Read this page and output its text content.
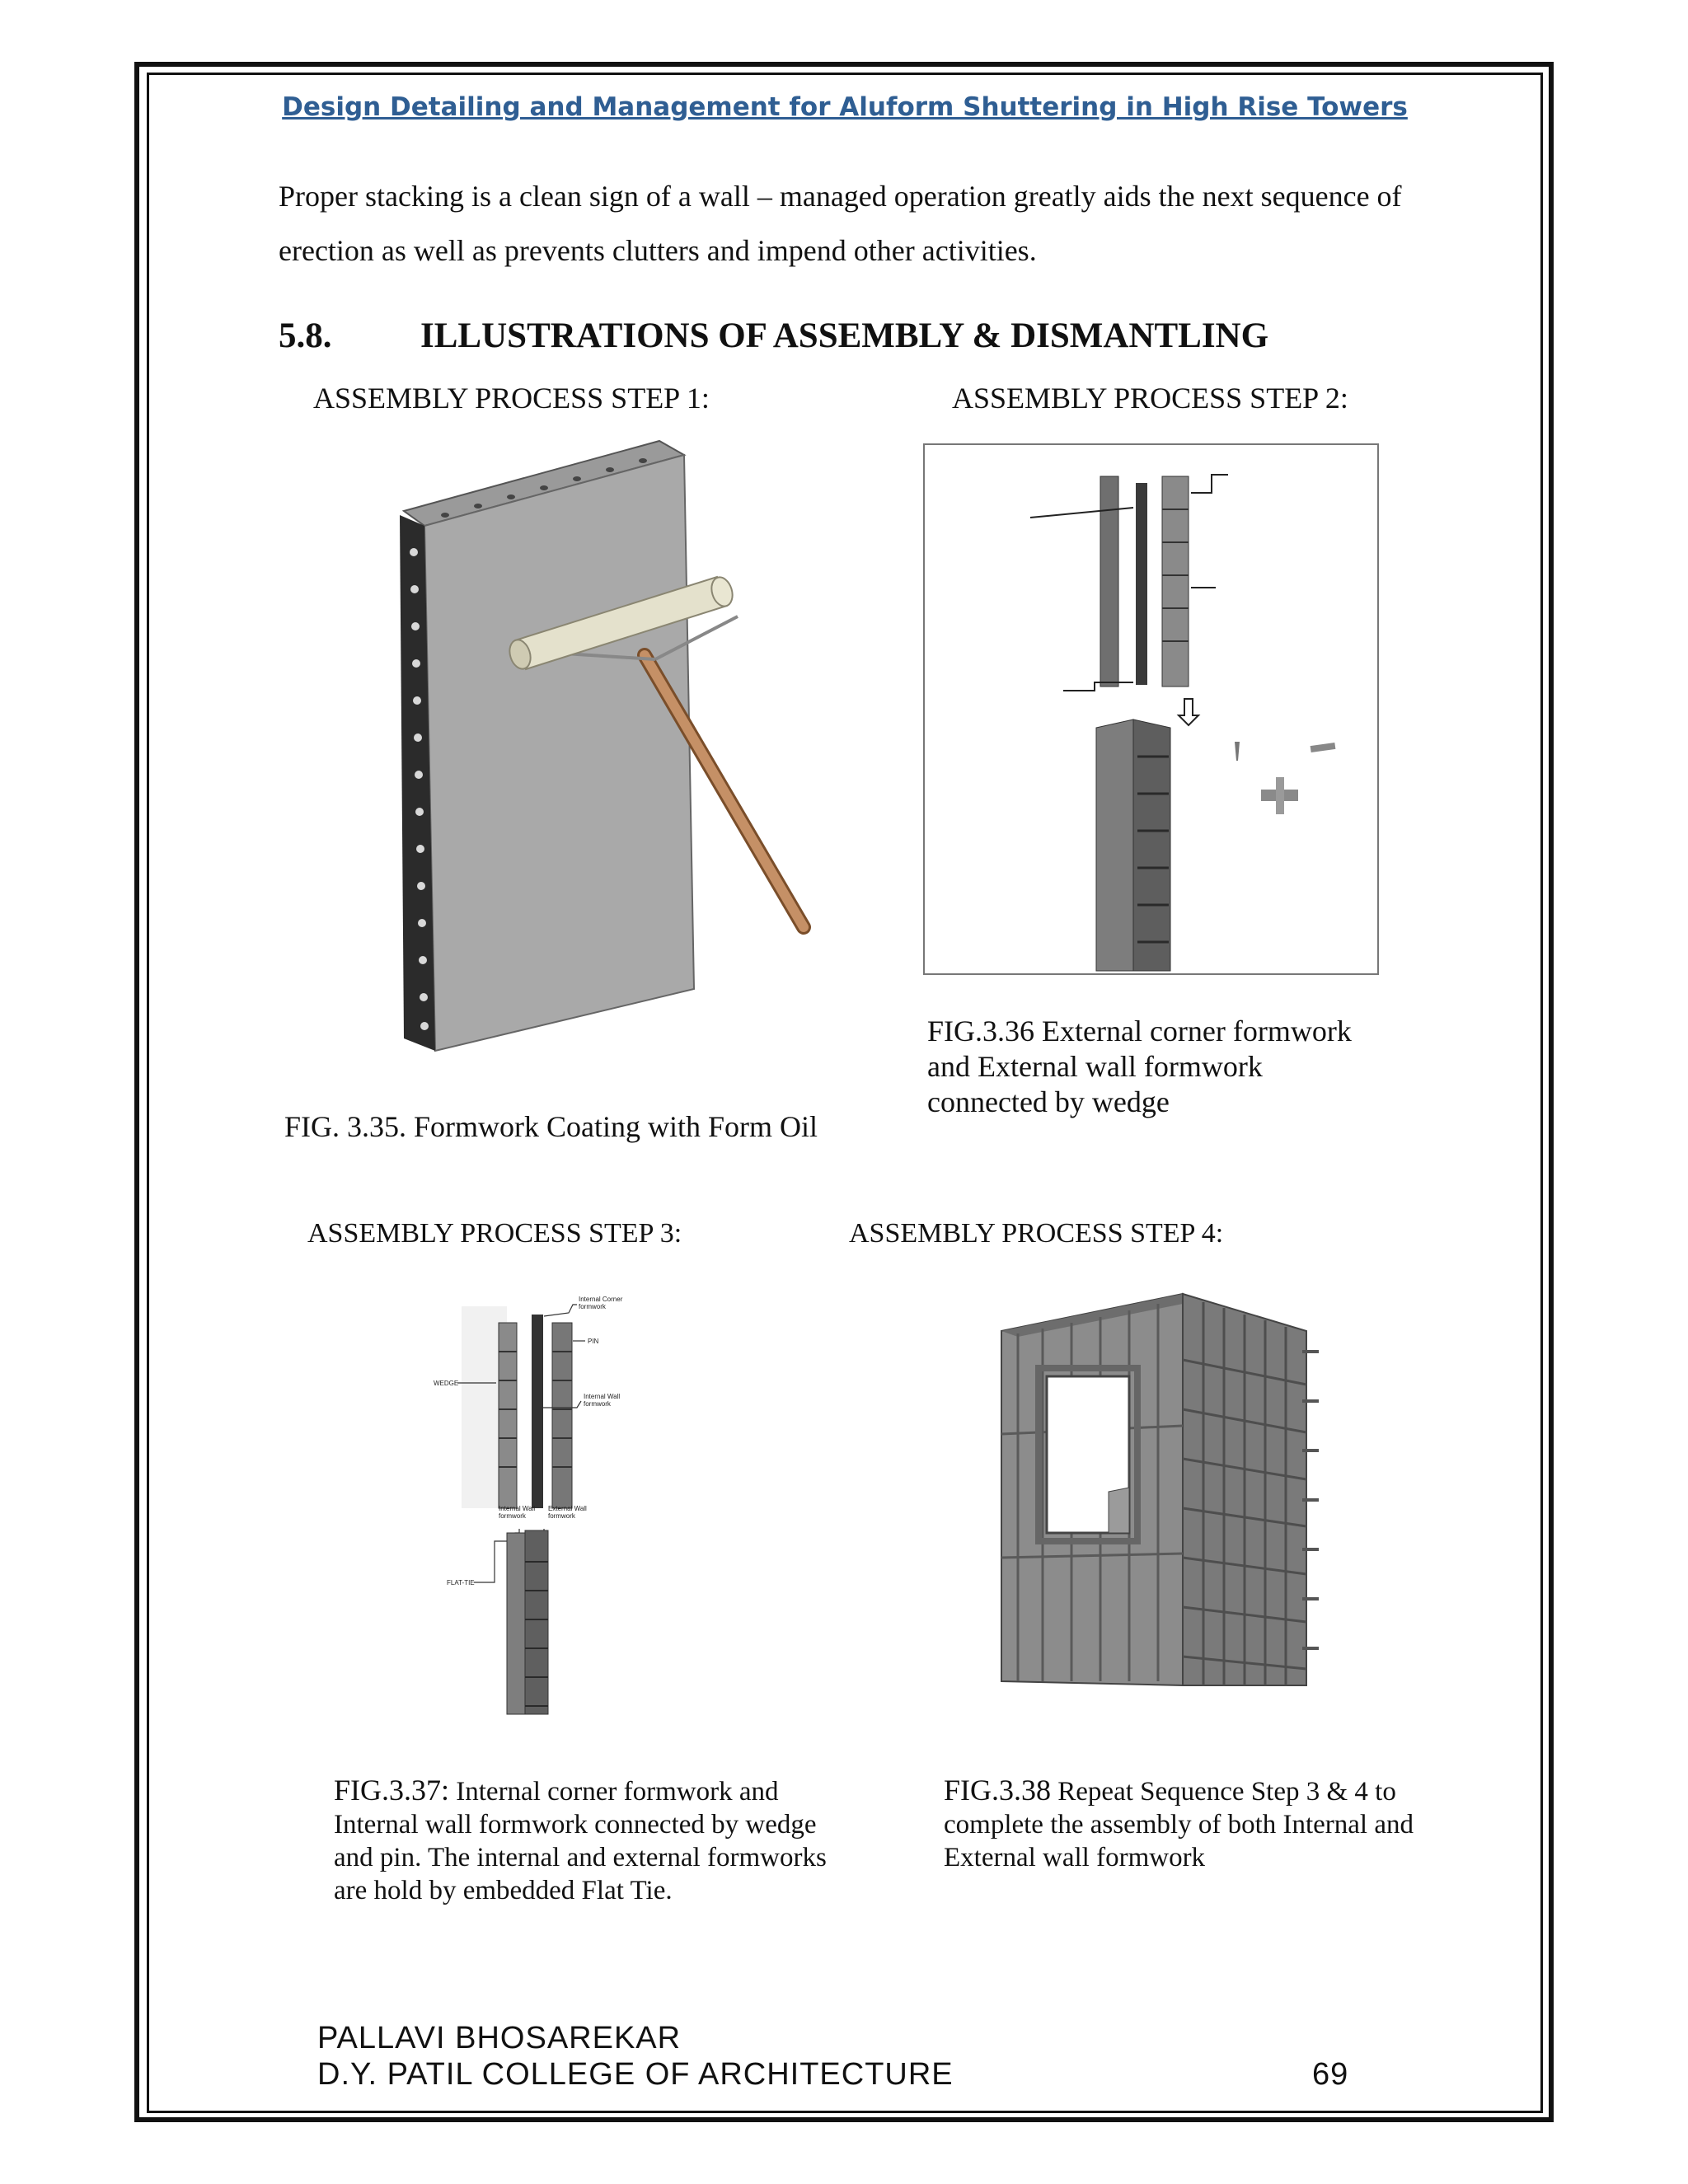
Design Detailing and Management for Aluform Shuttering in High Rise Towers
Proper stacking is a clean sign of a wall – managed operation greatly aids the next sequence of erection as well as prevents clutters and impend other activities.
5.8.	ILLUSTRATIONS OF ASSEMBLY & DISMANTLING
ASSEMBLY PROCESS STEP 1:	ASSEMBLY PROCESS STEP 2:
FIG. 3.35. Formwork Coating with Form Oil
FIG.3.36 External corner formwork and External wall formwork connected by wedge
ASSEMBLY PROCESS STEP 3:	ASSEMBLY PROCESS STEP 4:
Internal Corner
formwork
PIN
WEDGE
Internal Wall
formwork
Internal Wall
formwork
External Wall
formwork
FLAT-TIE
FIG.3.37: Internal corner formwork and Internal wall formwork connected by wedge and pin. The internal and external formworks are hold by embedded Flat Tie.
FIG.3.38 Repeat Sequence Step 3 & 4 to complete the assembly of both Internal and External wall formwork
PALLAVI BHOSAREKAR
D.Y. PATIL COLLEGE OF ARCHITECTURE	69
